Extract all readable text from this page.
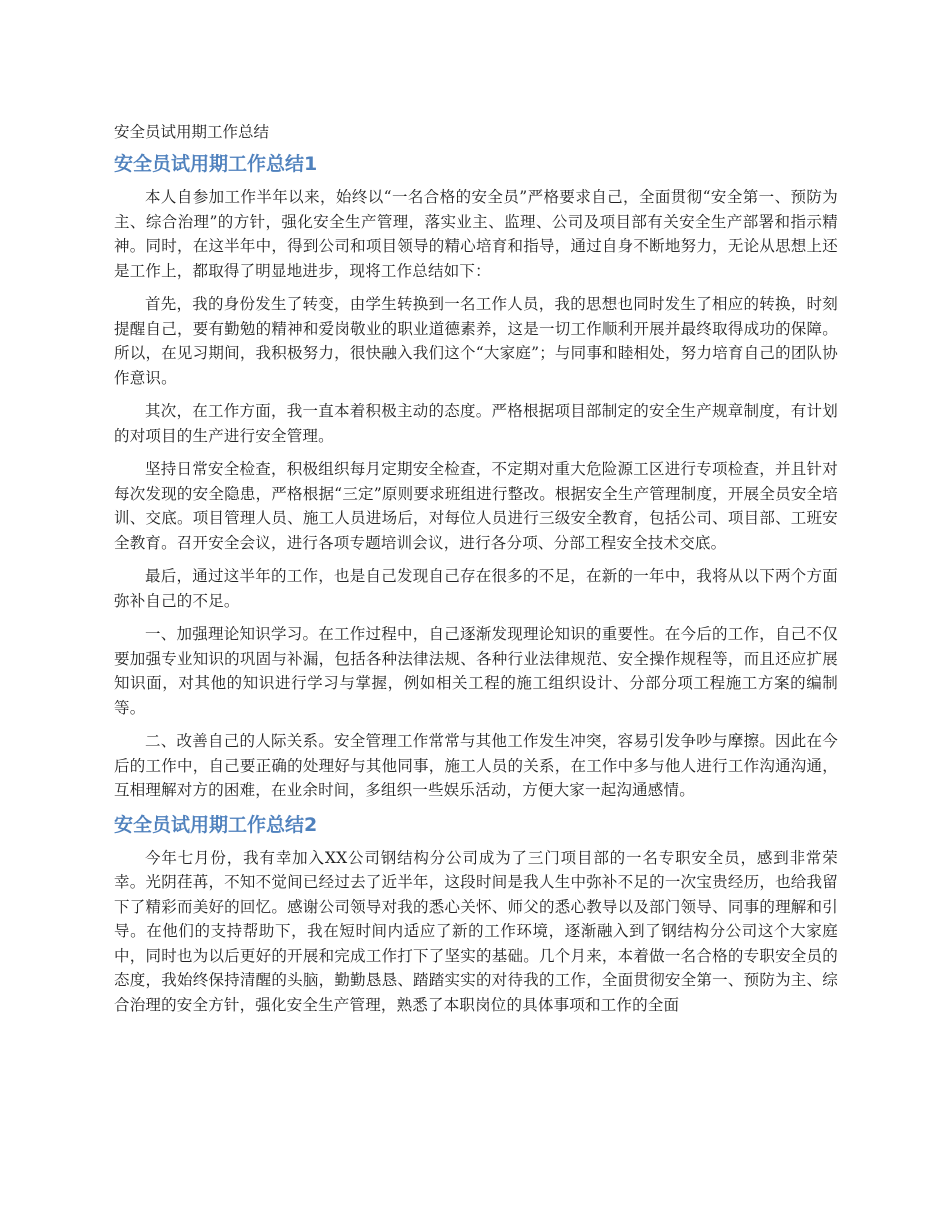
安全员试用期工作总结
安全员试用期工作总结1

本人自参加工作半年以来，始终以“一名合格的安全员”严格要求自己，全面贯彻“安全第一、预防为主、综合治理”的方针，强化安全生产管理，落实业主、监理、公司及项目部有关安全生产部署和指示精神。同时，在这半年中，得到公司和项目领导的精心培育和指导，通过自身不断地努力，无论从思想上还是工作上，都取得了明显地进步，现将工作总结如下：

首先，我的身份发生了转变，由学生转换到一名工作人员，我的思想也同时发生了相应的转换，时刻提醒自己，要有勤勉的精神和爱岗敬业的职业道德素养，这是一切工作顺利开展并最终取得成功的保障。所以，在见习期间，我积极努力，很快融入我们这个“大家庭”；与同事和睦相处，努力培育自己的团队协作意识。

其次，在工作方面，我一直本着积极主动的态度。严格根据项目部制定的安全生产规章制度，有计划的对项目的生产进行安全管理。

坚持日常安全检查，积极组织每月定期安全检查，不定期对重大危险源工区进行专项检查，并且针对每次发现的安全隐患，严格根据“三定”原则要求班组进行整改。根据安全生产管理制度，开展全员安全培训、交底。项目管理人员、施工人员进场后，对每位人员进行三级安全教育，包括公司、项目部、工班安全教育。召开安全会议，进行各项专题培训会议，进行各分项、分部工程安全技术交底。

最后，通过这半年的工作，也是自己发现自己存在很多的不足，在新的一年中，我将从以下两个方面弥补自己的不足。

一、加强理论知识学习。在工作过程中，自己逐渐发现理论知识的重要性。在今后的工作，自己不仅要加强专业知识的巩固与补漏，包括各种法律法规、各种行业法律规范、安全操作规程等，而且还应扩展知识面，对其他的知识进行学习与掌握，例如相关工程的施工组织设计、分部分项工程施工方案的编制等。

二、改善自己的人际关系。安全管理工作常常与其他工作发生冲突，容易引发争吵与摩擦。因此在今后的工作中，自己要正确的处理好与其他同事，施工人员的关系，在工作中多与他人进行工作沟通沟通，互相理解对方的困难，在业余时间，多组织一些娱乐活动，方便大家一起沟通感情。

安全员试用期工作总结2

今年七月份，我有幸加入XX公司钢结构分公司成为了三门项目部的一名专职安全员，感到非常荣幸。光阴荏苒，不知不觉间已经过去了近半年，这段时间是我人生中弥补不足的一次宝贵经历，也给我留下了精彩而美好的回忆。感谢公司领导对我的悉心关怀、师父的悉心教导以及部门领导、同事的理解和引导。在他们的支持帮助下，我在短时间内适应了新的工作环境，逐渐融入到了钢结构分公司这个大家庭中，同时也为以后更好的开展和完成工作打下了坚实的基础。几个月来，本着做一名合格的专职安全员的态度，我始终保持清醒的头脑，勤勤恳恳、踏踏实实的对待我的工作，全面贯彻安全第一、预防为主、综合治理的安全方针，强化安全生产管理，熟悉了本职岗位的具体事项和工作的全面
